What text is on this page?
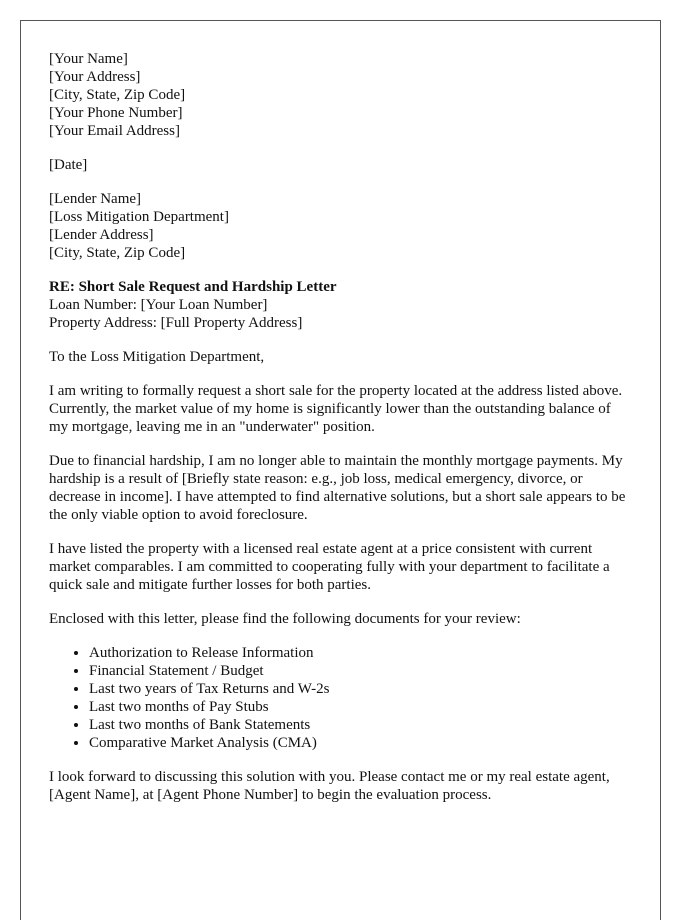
[Your Name]
[Your Address]
[City, State, Zip Code]
[Your Phone Number]
[Your Email Address]
[Date]
[Lender Name]
[Loss Mitigation Department]
[Lender Address]
[City, State, Zip Code]
RE: Short Sale Request and Hardship Letter
Loan Number: [Your Loan Number]
Property Address: [Full Property Address]

To the Loss Mitigation Department,

I am writing to formally request a short sale for the property located at the address listed above. Currently, the market value of my home is significantly lower than the outstanding balance of my mortgage, leaving me in an "underwater" position.

Due to financial hardship, I am no longer able to maintain the monthly mortgage payments. My hardship is a result of [Briefly state reason: e.g., job loss, medical emergency, divorce, or decrease in income]. I have attempted to find alternative solutions, but a short sale appears to be the only viable option to avoid foreclosure.

I have listed the property with a licensed real estate agent at a price consistent with current market comparables. I am committed to cooperating fully with your department to facilitate a quick sale and mitigate further losses for both parties.

Enclosed with this letter, please find the following documents for your review:

• Authorization to Release Information
• Financial Statement / Budget
• Last two years of Tax Returns and W-2s
• Last two months of Pay Stubs
• Last two months of Bank Statements
• Comparative Market Analysis (CMA)

I look forward to discussing this solution with you. Please contact me or my real estate agent, [Agent Name], at [Agent Phone Number] to begin the evaluation process.
